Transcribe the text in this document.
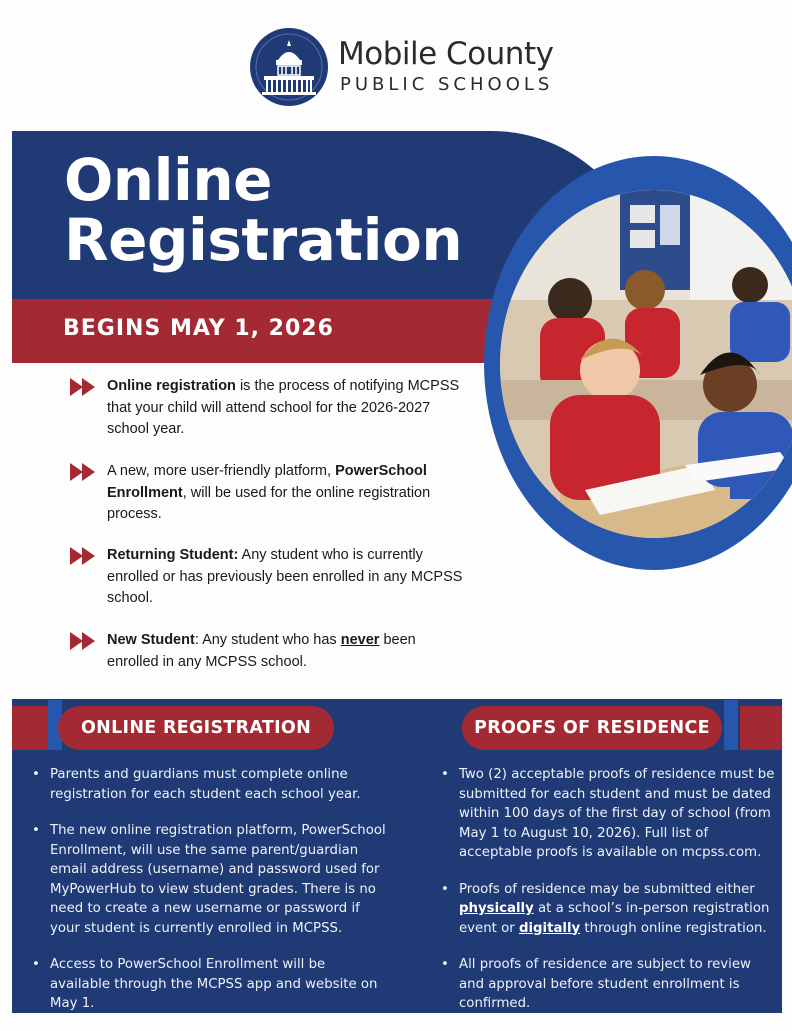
Mobile County
PUBLIC SCHOOLS
Online
Registration
BEGINS MAY 1, 2026
Online registration is the process of notifying MCPSS that your child will attend school for the 2026-2027 school year.
A new, more user-friendly platform, PowerSchool Enrollment, will be used for the online registration process.
Returning Student: Any student who is currently enrolled or has previously been enrolled in any MCPSS school.
New Student: Any student who has never been enrolled in any MCPSS school.
ONLINE REGISTRATION	PROOFS OF RESIDENCE
• Parents and guardians must complete online registration for each student each school year.
• The new online registration platform, PowerSchool Enrollment, will use the same parent/guardian email address (username) and password used for MyPowerHub to view student grades. There is no need to create a new username or password if your student is currently enrolled in MCPSS.
• Access to PowerSchool Enrollment will be available through the MCPSS app and website on May 1.
• Two (2) acceptable proofs of residence must be submitted for each student and must be dated within 100 days of the first day of school (from May 1 to August 10, 2026). Full list of acceptable proofs is available on mcpss.com.
• Proofs of residence may be submitted either physically at a school’s in-person registration event or digitally through online registration.
• All proofs of residence are subject to review and approval before student enrollment is confirmed.
